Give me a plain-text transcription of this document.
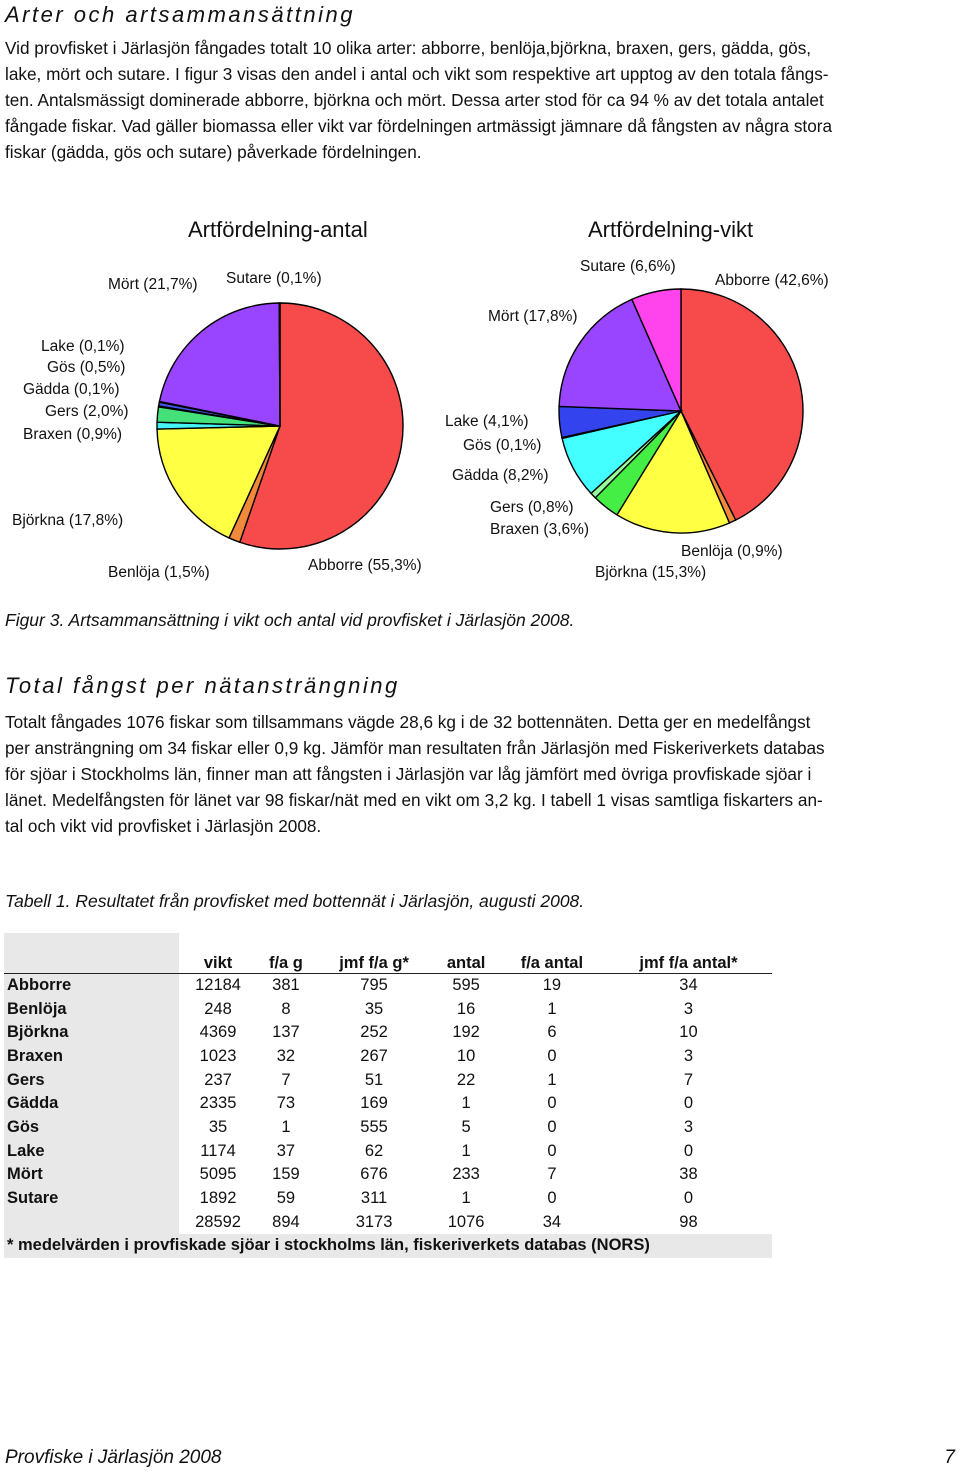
Arter och artsammansättning
Vid provfisket i Järlasjön fångades totalt 10 olika arter: abborre, benlöja,björkna, braxen, gers, gädda, gös,
lake, mört och sutare. I figur 3 visas den andel i antal och vikt som respektive art upptog av den totala fångs-
ten. Antalsmässigt dominerade abborre, björkna och mört. Dessa arter stod för ca 94 % av det totala antalet
fångade fiskar. Vad gäller biomassa eller vikt var fördelningen artmässigt jämnare då fångsten av några stora
fiskar (gädda, gös och sutare) påverkade fördelningen.
Artfördelning-antal	Artfördelning-vikt
Sutare (0,1%)
Mört (21,7%)
Lake (0,1%)
Gös (0,5%)
Gädda (0,1%)
Gers (2,0%)
Braxen (0,9%)
Björkna (17,8%)
Benlöja (1,5%)	Abborre (55,3%)
Sutare (6,6%)
Abborre (42,6%)
Mört (17,8%)
Lake (4,1%)
Gös (0,1%)
Gädda (8,2%)
Gers (0,8%)
Braxen (3,6%)
Benlöja (0,9%)
Björkna (15,3%)
Figur 3. Artsammansättning i vikt och antal vid provfisket i Järlasjön 2008.
Total fångst per nätansträngning
Totalt fångades 1076 fiskar som tillsammans vägde 28,6 kg i de 32 bottennäten. Detta ger en medelfångst
per ansträngning om 34 fiskar eller 0,9 kg. Jämför man resultaten från Järlasjön med Fiskeriverkets databas
för sjöar i Stockholms län, finner man att fångsten i Järlasjön var låg jämfört med övriga provfiskade sjöar i
länet. Medelfångsten för länet var 98 fiskar/nät med en vikt om 3,2 kg. I tabell 1 visas samtliga fiskarters an-
tal och vikt vid provfisket i Järlasjön 2008.
Tabell 1. Resultatet från provfisket med bottennät i Järlasjön, augusti 2008.
	vikt	f/a g	jmf f/a g*	antal	f/a antal	jmf f/a antal*
Abborre	12184	381	795	595	19	34
Benlöja	248	8	35	16	1	3
Björkna	4369	137	252	192	6	10
Braxen	1023	32	267	10	0	3
Gers	237	7	51	22	1	7
Gädda	2335	73	169	1	0	0
Gös	35	1	555	5	0	3
Lake	1174	37	62	1	0	0
Mört	5095	159	676	233	7	38
Sutare	1892	59	311	1	0	0
	28592	894	3173	1076	34	98
* medelvärden i provfiskade sjöar i stockholms län, fiskeriverkets databas (NORS)						
Provfiske i Järlasjön 2008	7
